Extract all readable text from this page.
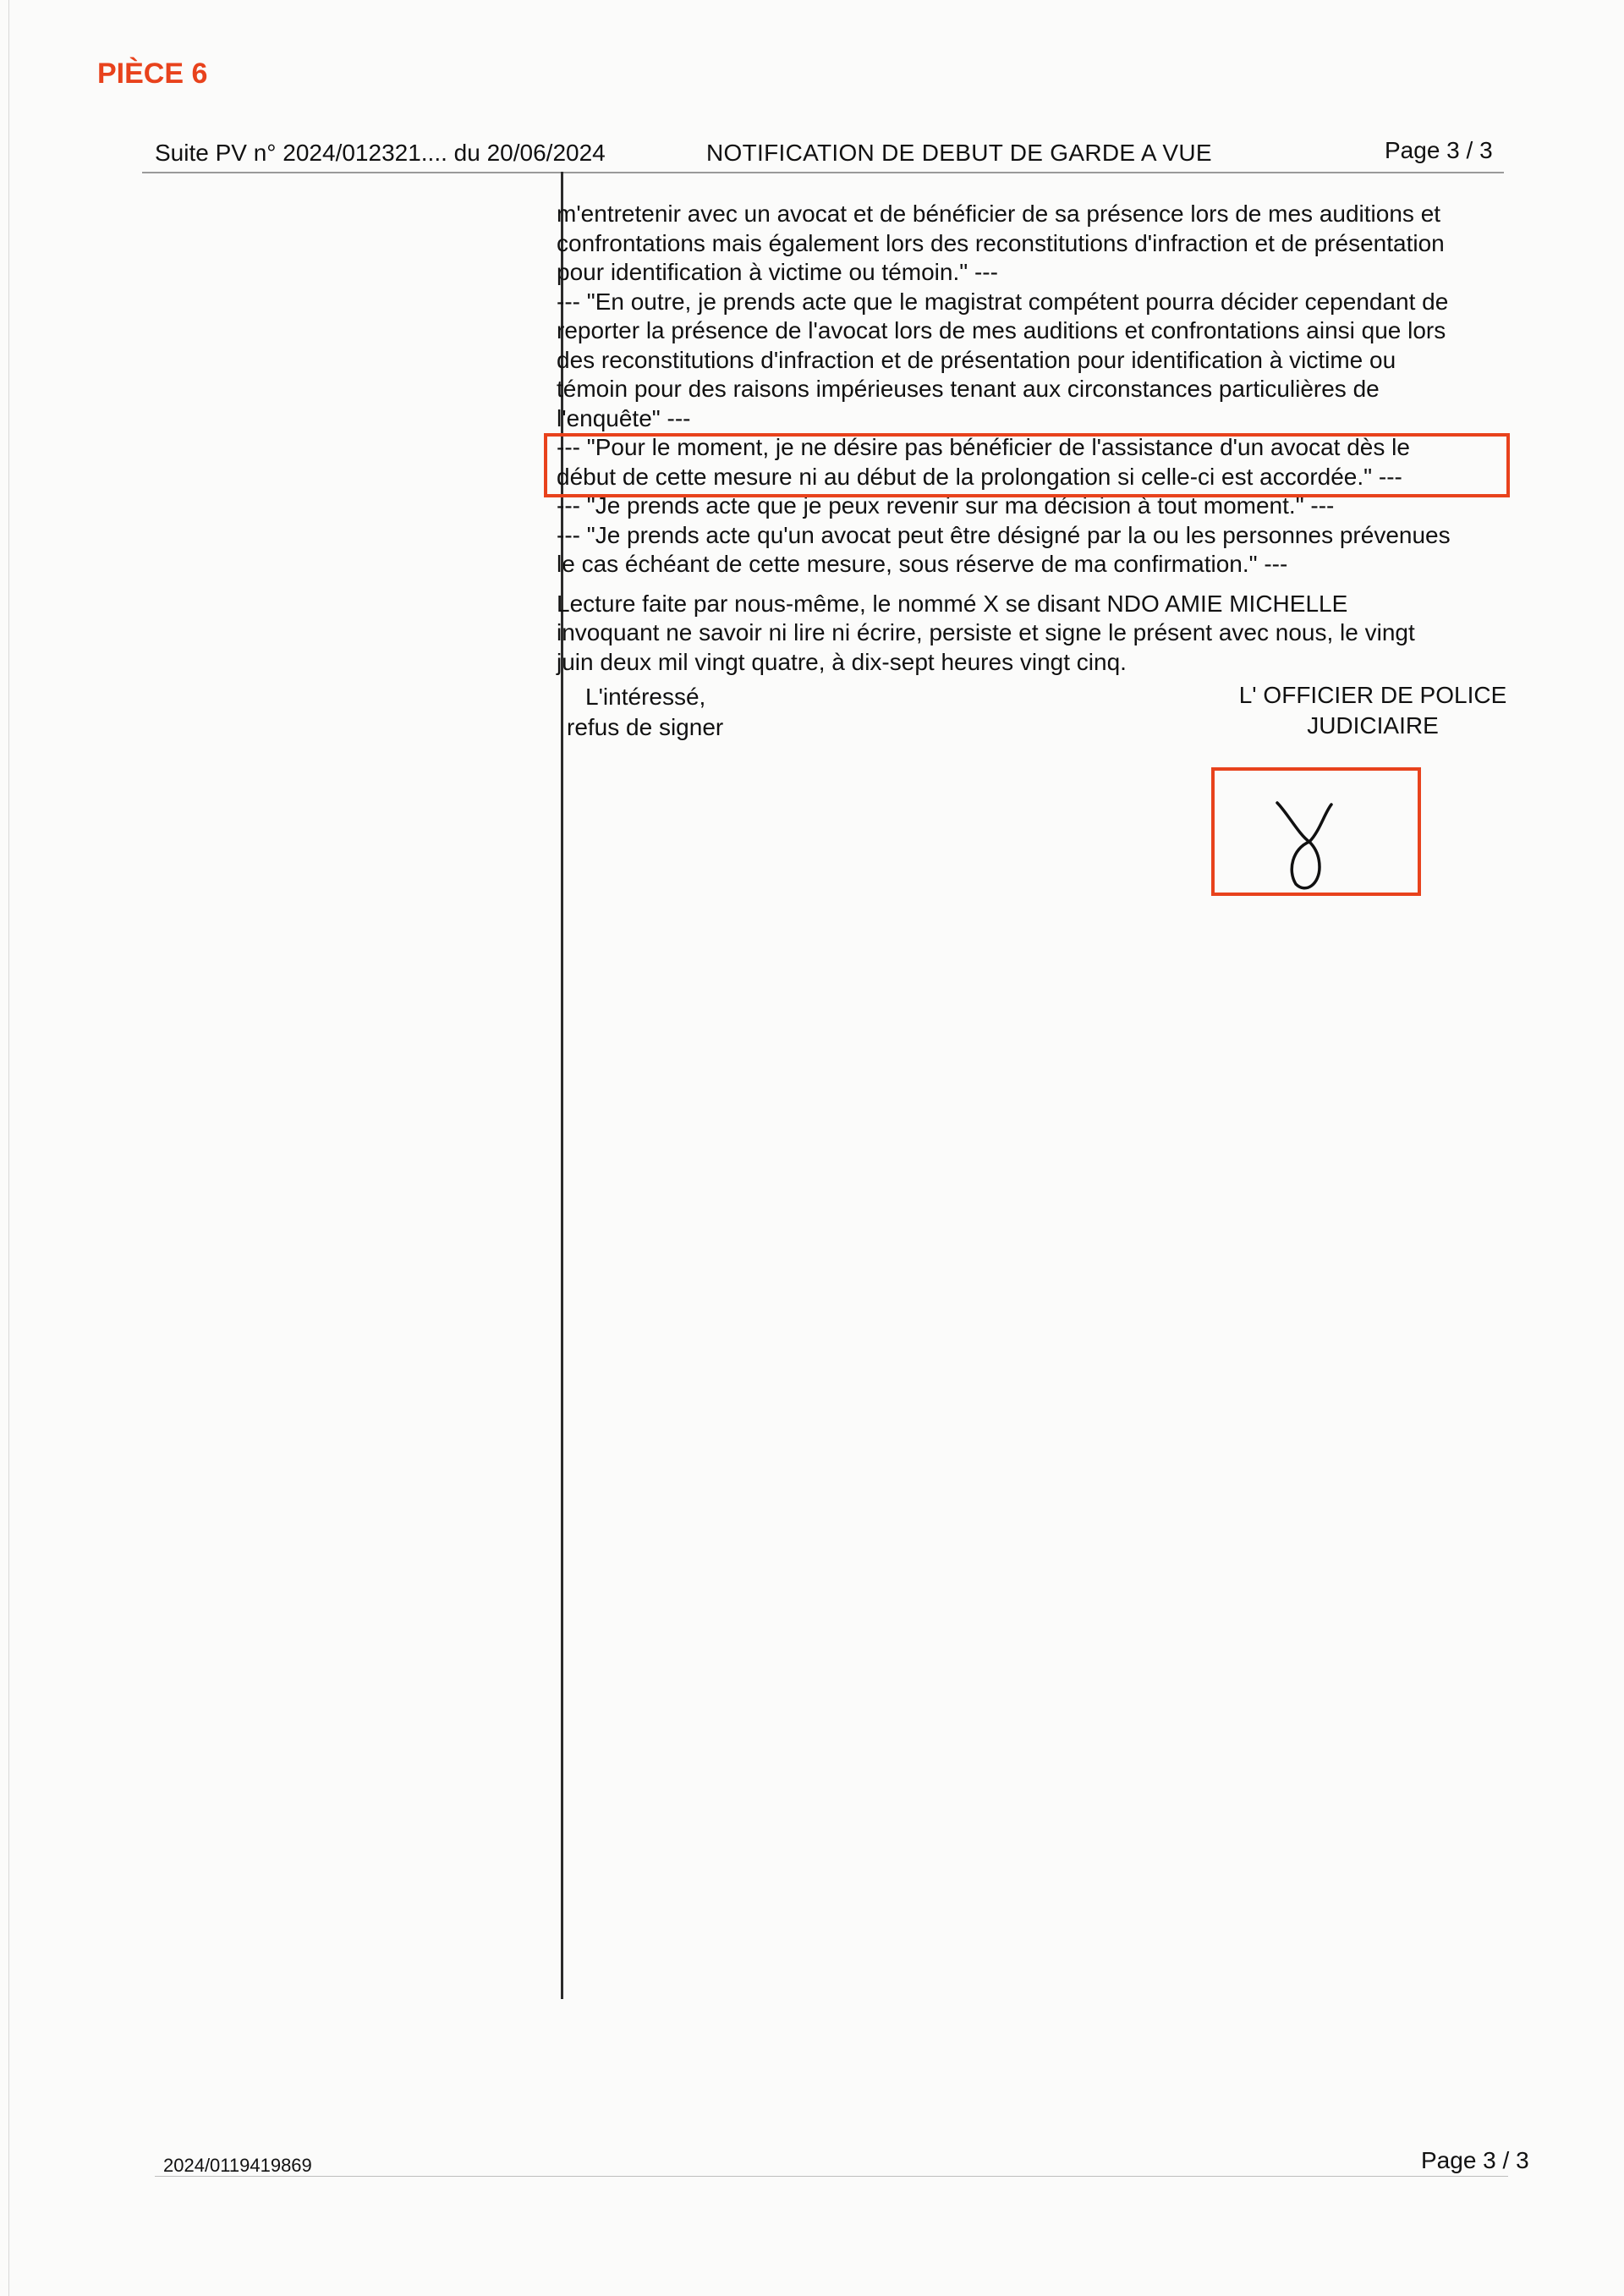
PIÈCE 6
Suite PV n° 2024/012321.... du 20/06/2024	NOTIFICATION DE DEBUT DE GARDE A VUE	Page 3 / 3

m'entretenir avec un avocat et de bénéficier de sa présence lors de mes auditions et

confrontations mais également lors des reconstitutions d'infraction et de présentation

pour identification à victime ou témoin." ---

--- "En outre, je prends acte que le magistrat compétent pourra décider cependant de

reporter la présence de l'avocat lors de mes auditions et confrontations ainsi que lors

des reconstitutions d'infraction et de présentation pour identification à victime ou

témoin pour des raisons impérieuses tenant aux circonstances particulières de

l'enquête" ---

--- "Pour le moment, je ne désire pas bénéficier de l'assistance d'un avocat dès le

début de cette mesure ni au début de la prolongation si celle-ci est accordée." ---

--- "Je prends acte que je peux revenir sur ma décision à tout moment." ---

--- "Je prends acte qu'un avocat peut être désigné par la ou les personnes prévenues

le cas échéant de cette mesure, sous réserve de ma confirmation." ---

Lecture faite par nous-même, le nommé X se disant NDO AMIE MICHELLE

invoquant ne savoir ni lire ni écrire, persiste et signe le présent avec nous, le vingt

juin deux mil vingt quatre, à dix-sept heures vingt cinq.

L'intéressé,
refus de signer
L' OFFICIER DE POLICE
JUDICIAIRE
2024/0119419869	Page 3 / 3
